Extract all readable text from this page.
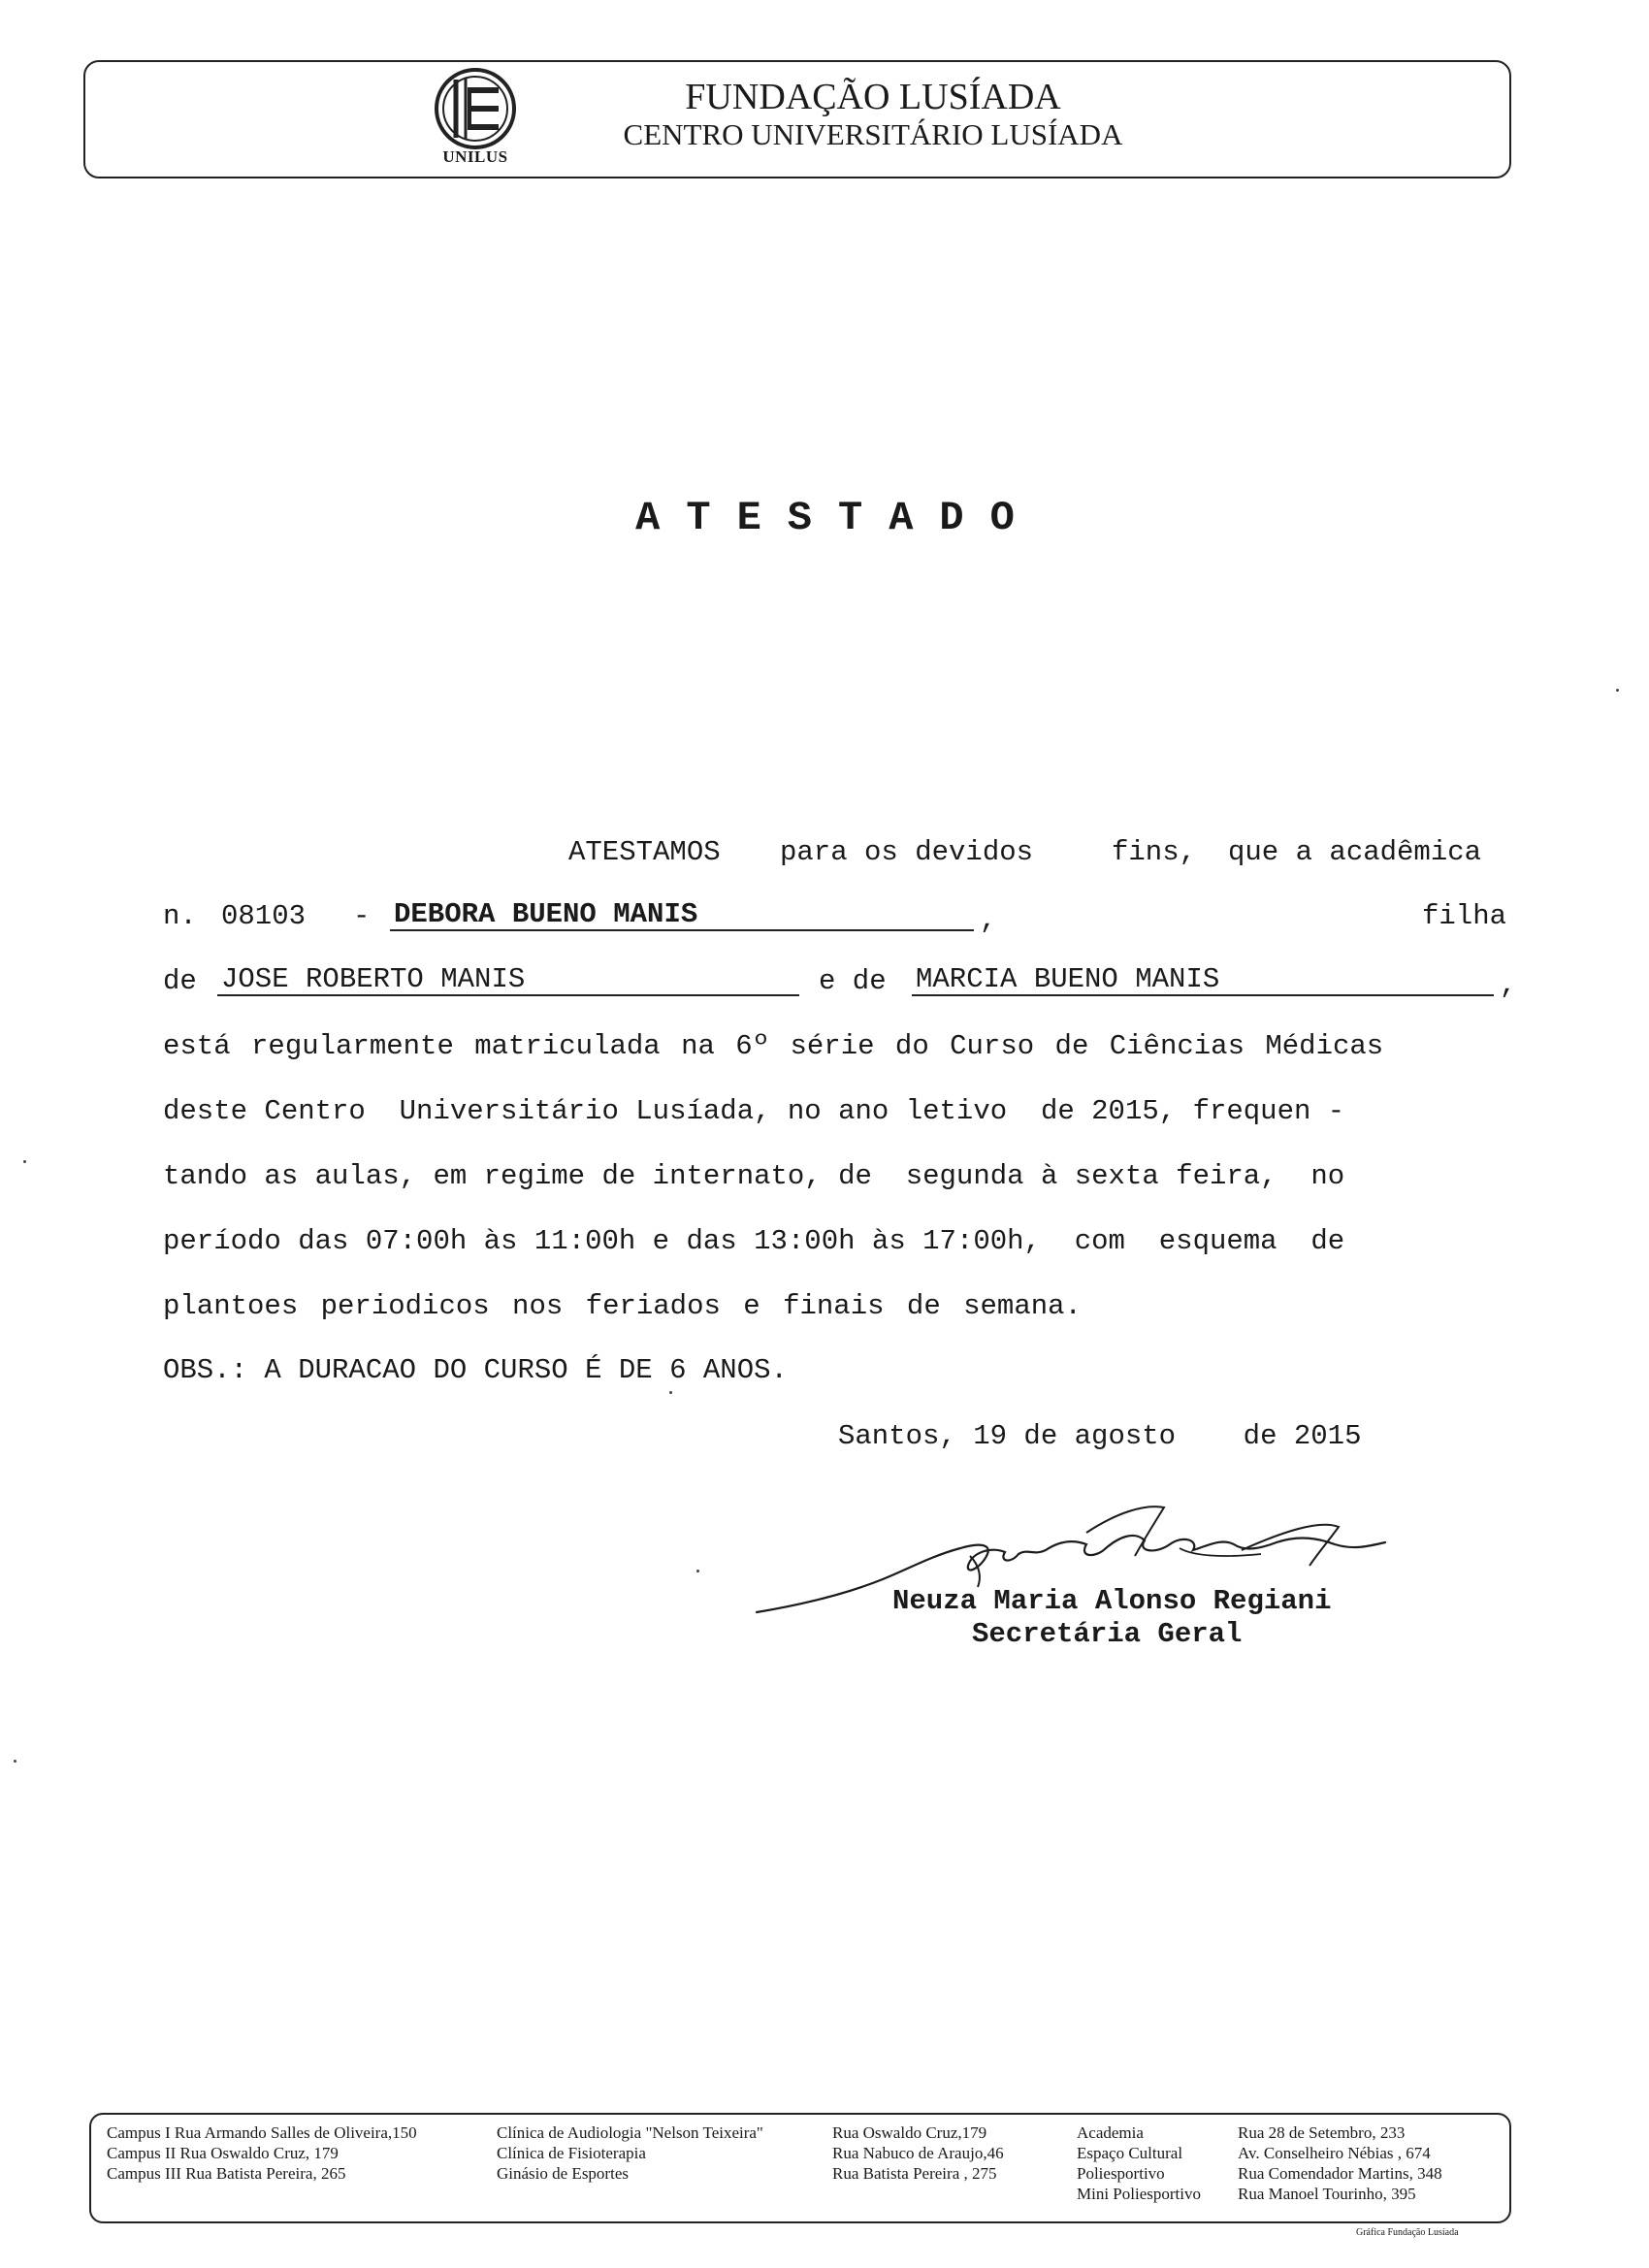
UNILUS
FUNDAÇÃO LUSÍADA
CENTRO UNIVERSITÁRIO LUSÍADA
ATESTADO
ATESTAMOS para os devidos	fins, que a acadêmica
n. 08103 - DEBORA BUENO MANIS	,	filha
de JOSE ROBERTO MANIS	e de MARCIA BUENO MANIS	,
está regularmente matriculada na 6º série do Curso de Ciências Médicas
deste Centro  Universitário Lusíada, no ano letivo  de 2015, frequen -
tando as aulas, em regime de internato, de  segunda à sexta feira,  no
período das 07:00h às 11:00h e das 13:00h às 17:00h,  com  esquema  de
plantoes periodicos nos feriados e finais de semana.
OBS.: A DURACAO DO CURSO É DE 6 ANOS.
Santos, 19 de agosto    de 2015
Neuza Maria Alonso Regiani
Secretária Geral
Campus I Rua Armando Salles de Oliveira,150
Campus II Rua Oswaldo Cruz, 179
Campus III Rua Batista Pereira, 265
Clínica de Audiologia "Nelson Teixeira"
Clínica de Fisioterapia
Ginásio de Esportes
Rua Oswaldo Cruz,179
Rua Nabuco de Araujo,46
Rua Batista Pereira , 275
Academia
Espaço Cultural
Poliesportivo
Mini Poliesportivo
Rua 28 de Setembro, 233
Av. Conselheiro Nébias , 674
Rua Comendador Martins, 348
Rua Manoel Tourinho, 395
Gráfica Fundação Lusíada
